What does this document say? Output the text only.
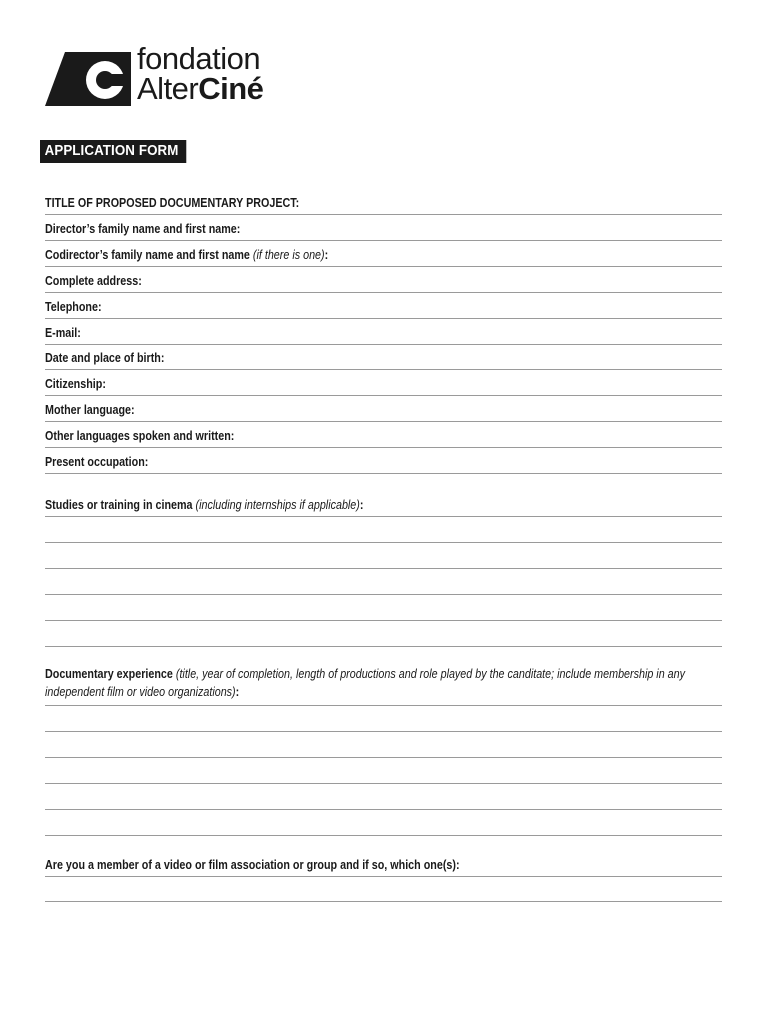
fondation
AlterCiné
APPLICATION FORM
TITLE OF PROPOSED DOCUMENTARY PROJECT:
Director’s family name and first name:
Codirector’s family name and first name (if there is one):
Complete address:
Telephone:
E-mail:
Date and place of birth:
Citizenship:
Mother language:
Other languages spoken and written:
Present occupation:
Studies or training in cinema (including internships if applicable):
Documentary experience (title, year of completion, length of productions and role played by the canditate; include membership in any independent film or video organizations):
Are you a member of a video or film association or group and if so, which one(s):
